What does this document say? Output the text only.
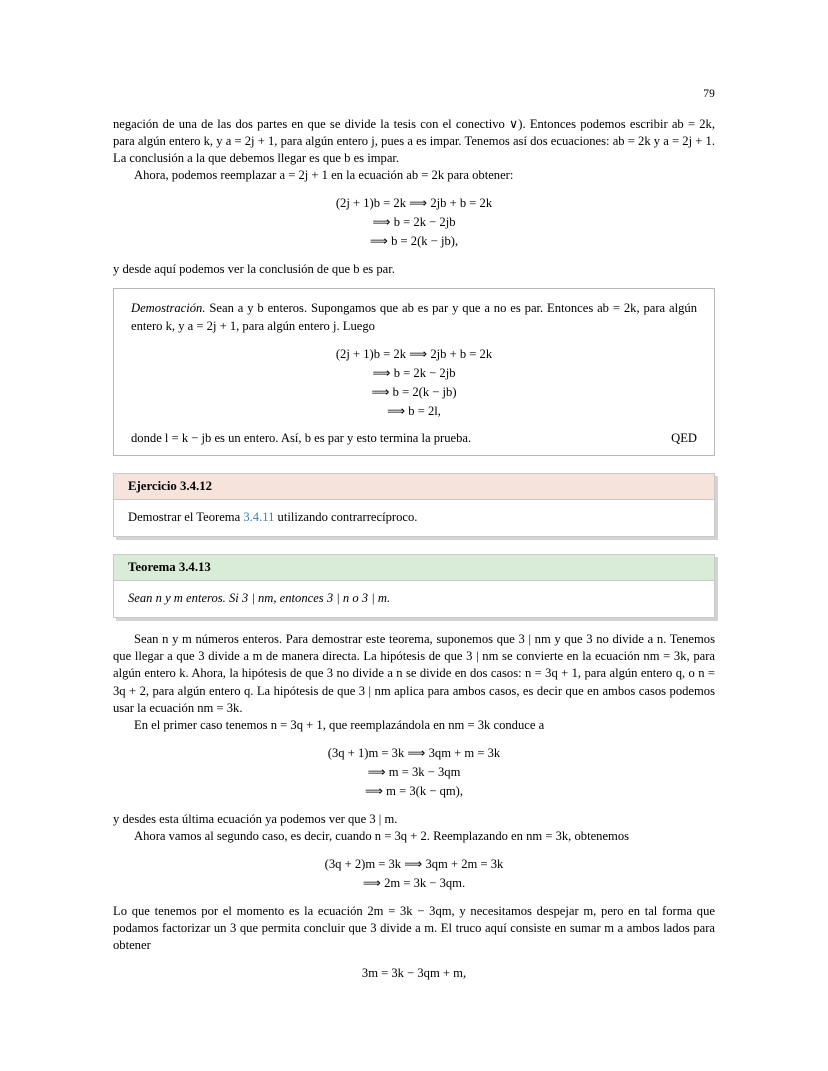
79

negación de una de las dos partes en que se divide la tesis con el conectivo ∨). Entonces podemos escribir ab = 2k, para algún entero k, y a = 2j + 1, para algún entero j, pues a es impar. Tenemos así dos ecuaciones: ab = 2k y a = 2j + 1. La conclusión a la que debemos llegar es que b es impar.

Ahora, podemos reemplazar a = 2j + 1 en la ecuación ab = 2k para obtener:

(2j + 1)b = 2k ⟹ 2jb + b = 2k
⟹ b = 2k − 2jb
⟹ b = 2(k − jb),

y desde aquí podemos ver la conclusión de que b es par.

Demostración. Sean a y b enteros. Supongamos que ab es par y que a no es par. Entonces ab = 2k, para algún entero k, y a = 2j + 1, para algún entero j. Luego

(2j + 1)b = 2k ⟹ 2jb + b = 2k
⟹ b = 2k − 2jb
⟹ b = 2(k − jb)
⟹ b = 2l,
donde l = k − jb es un entero. Así, b es par y esto termina la prueba.	QED
Ejercicio 3.4.12
Demostrar el Teorema 3.4.11 utilizando contrarrecíproco.
Teorema 3.4.13
Sean n y m enteros. Si 3 | nm, entonces 3 | n o 3 | m.

Sean n y m números enteros. Para demostrar este teorema, suponemos que 3 | nm y que 3 no divide a n. Tenemos que llegar a que 3 divide a m de manera directa. La hipótesis de que 3 | nm se convierte en la ecuación nm = 3k, para algún entero k. Ahora, la hipótesis de que 3 no divide a n se divide en dos casos: n = 3q + 1, para algún entero q, o n = 3q + 2, para algún entero q. La hipótesis de que 3 | nm aplica para ambos casos, es decir que en ambos casos podemos usar la ecuación nm = 3k.

En el primer caso tenemos n = 3q + 1, que reemplazándola en nm = 3k conduce a

(3q + 1)m = 3k ⟹ 3qm + m = 3k
⟹ m = 3k − 3qm
⟹ m = 3(k − qm),

y desdes esta última ecuación ya podemos ver que 3 | m.

Ahora vamos al segundo caso, es decir, cuando n = 3q + 2. Reemplazando en nm = 3k, obtenemos

(3q + 2)m = 3k ⟹ 3qm + 2m = 3k
⟹ 2m = 3k − 3qm.

Lo que tenemos por el momento es la ecuación 2m = 3k − 3qm, y necesitamos despejar m, pero en tal forma que podamos factorizar un 3 que permita concluir que 3 divide a m. El truco aquí consiste en sumar m a ambos lados para obtener

3m = 3k − 3qm + m,
